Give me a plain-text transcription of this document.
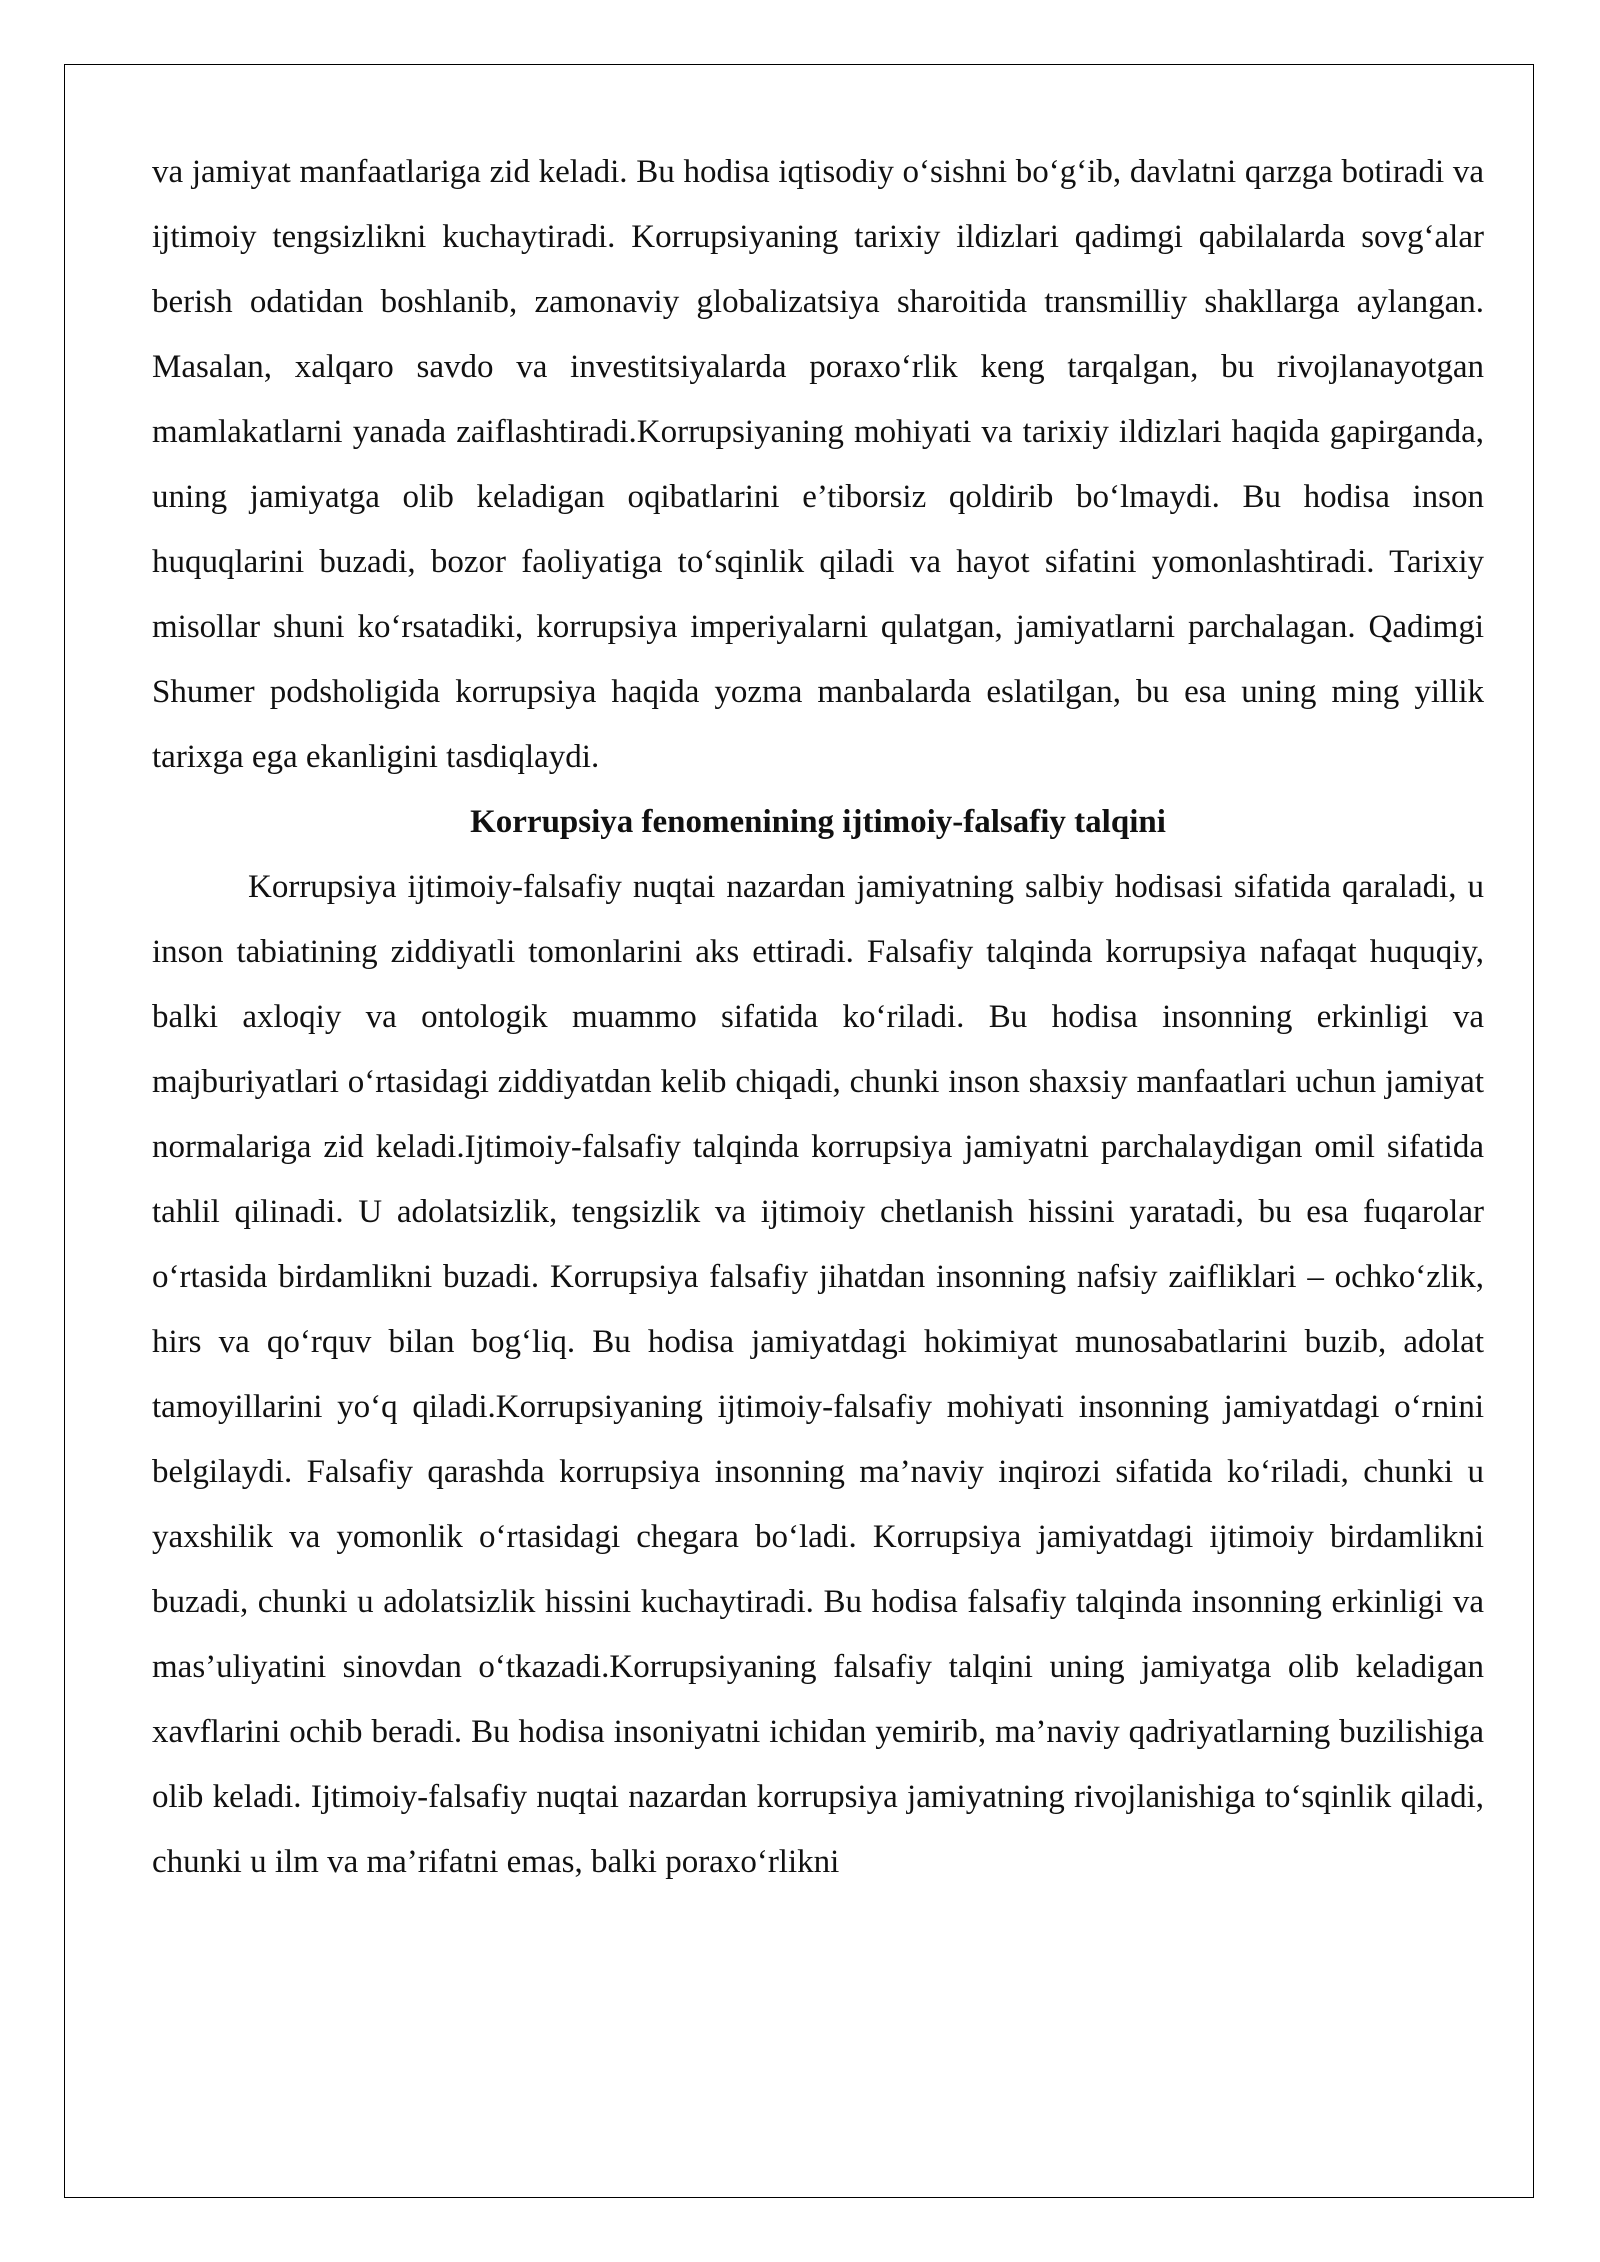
va jamiyat manfaatlariga zid keladi. Bu hodisa iqtisodiy o‘sishni bo‘g‘ib, davlatni qarzga botiradi va ijtimoiy tengsizlikni kuchaytiradi. Korrupsiyaning tarixiy ildizlari qadimgi qabilalarda sovg‘alar berish odatidan boshlanib, zamonaviy globalizatsiya sharoitida transmilliy shakllarga aylangan. Masalan, xalqaro savdo va investitsiyalarda poraxo‘rlik keng tarqalgan, bu rivojlanayotgan mamlakatlarni yanada zaiflashtiradi.Korrupsiyaning mohiyati va tarixiy ildizlari haqida gapirganda, uning jamiyatga olib keladigan oqibatlarini e’tiborsiz qoldirib bo‘lmaydi. Bu hodisa inson huquqlarini buzadi, bozor faoliyatiga to‘sqinlik qiladi va hayot sifatini yomonlashtiradi. Tarixiy misollar shuni ko‘rsatadiki, korrupsiya imperiyalarni qulatgan, jamiyatlarni parchalagan. Qadimgi Shumer podsholigida korrupsiya haqida yozma manbalarda eslatilgan, bu esa uning ming yillik tarixga ega ekanligini tasdiqlaydi.

Korrupsiya fenomenining ijtimoiy-falsafiy talqini

Korrupsiya ijtimoiy-falsafiy nuqtai nazardan jamiyatning salbiy hodisasi sifatida qaraladi, u inson tabiatining ziddiyatli tomonlarini aks ettiradi. Falsafiy talqinda korrupsiya nafaqat huquqiy, balki axloqiy va ontologik muammo sifatida ko‘riladi. Bu hodisa insonning erkinligi va majburiyatlari o‘rtasidagi ziddiyatdan kelib chiqadi, chunki inson shaxsiy manfaatlari uchun jamiyat normalariga zid keladi.Ijtimoiy-falsafiy talqinda korrupsiya jamiyatni parchalaydigan omil sifatida tahlil qilinadi. U adolatsizlik, tengsizlik va ijtimoiy chetlanish hissini yaratadi, bu esa fuqarolar o‘rtasida birdamlikni buzadi. Korrupsiya falsafiy jihatdan insonning nafsiy zaifliklari – ochko‘zlik, hirs va qo‘rquv bilan bog‘liq. Bu hodisa jamiyatdagi hokimiyat munosabatlarini buzib, adolat tamoyillarini yo‘q qiladi.Korrupsiyaning ijtimoiy-falsafiy mohiyati insonning jamiyatdagi o‘rnini belgilaydi. Falsafiy qarashda korrupsiya insonning ma’naviy inqirozi sifatida ko‘riladi, chunki u yaxshilik va yomonlik o‘rtasidagi chegara bo‘ladi. Korrupsiya jamiyatdagi ijtimoiy birdamlikni buzadi, chunki u adolatsizlik hissini kuchaytiradi. Bu hodisa falsafiy talqinda insonning erkinligi va mas’uliyatini sinovdan o‘tkazadi.Korrupsiyaning falsafiy talqini uning jamiyatga olib keladigan xavflarini ochib beradi. Bu hodisa insoniyatni ichidan yemirib, ma’naviy qadriyatlarning buzilishiga olib keladi. Ijtimoiy-falsafiy nuqtai nazardan korrupsiya jamiyatning rivojlanishiga to‘sqinlik qiladi, chunki u ilm va ma’rifatni emas, balki poraxo‘rlikni
